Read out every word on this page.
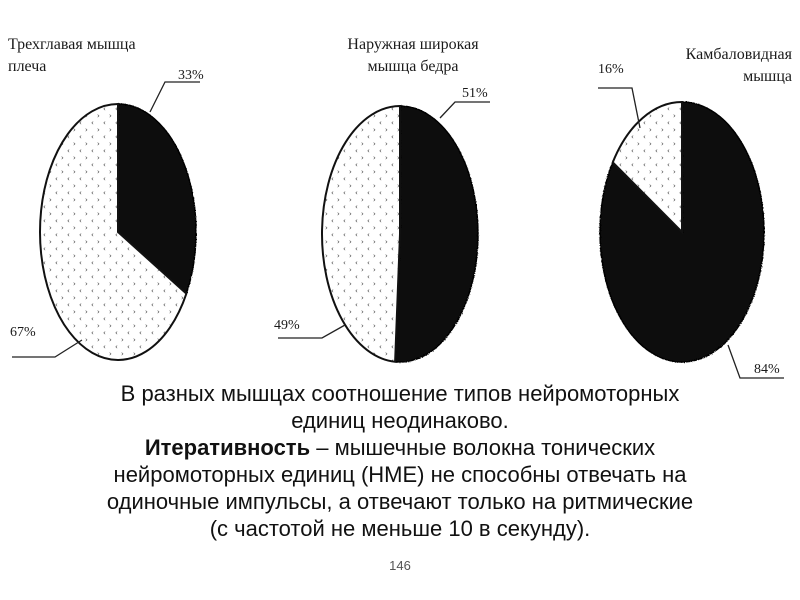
Трехглавая мышца
плеча
Наружная широкая
мышца бедра
Камбаловидная
мышца
33%
67%
51%
49%
84%
16%
В разных мышцах соотношение типов нейромоторных
единиц неодинаково.
Итеративность – мышечные волокна тонических
нейромоторных единиц (НМЕ) не способны отвечать на
одиночные импульсы, а отвечают только на ритмические
(с частотой не меньше 10 в секунду).
146
